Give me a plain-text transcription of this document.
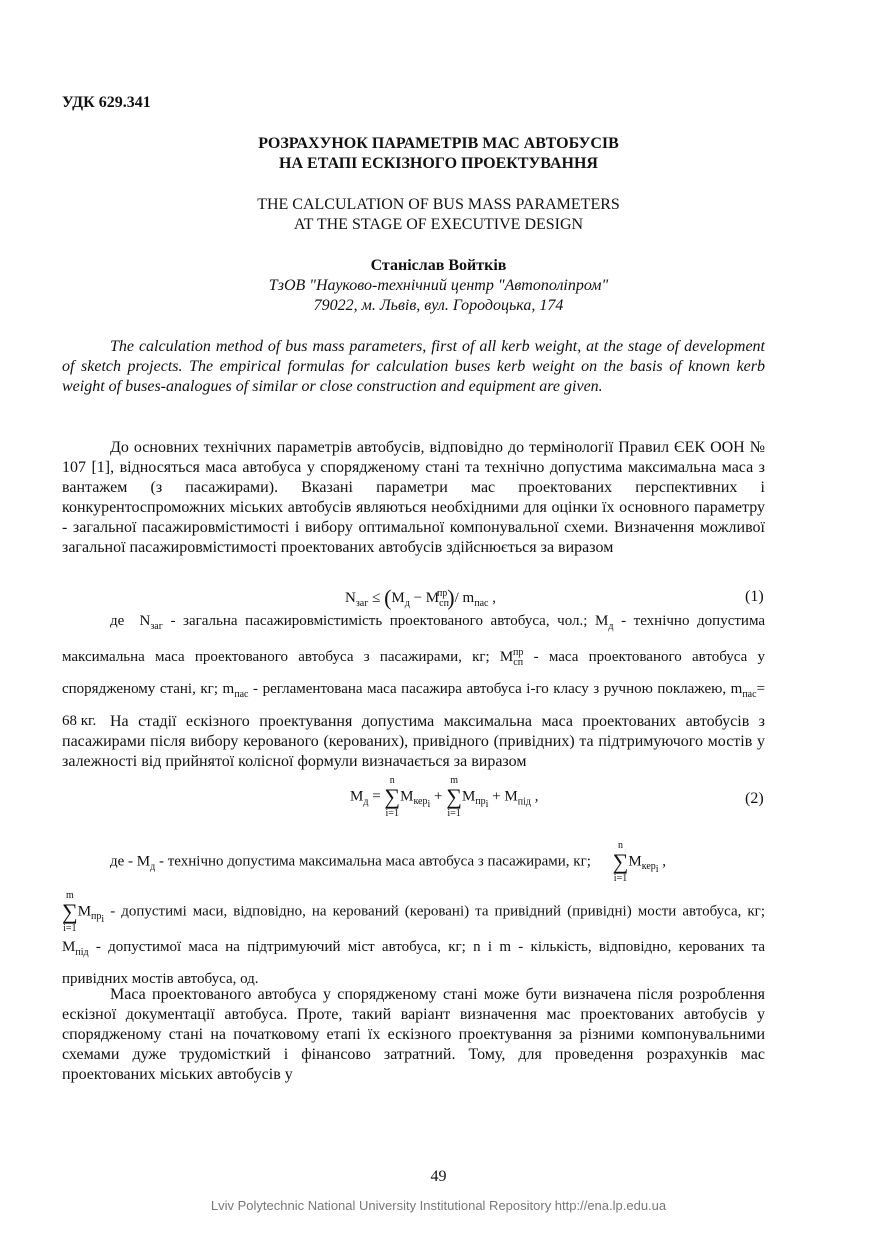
УДК 629.341
РОЗРАХУНОК ПАРАМЕТРІВ МАС АВТОБУСІВ
НА ЕТАПІ ЕСКІЗНОГО ПРОЕКТУВАННЯ
THE CALCULATION OF BUS MASS PARAMETERS
AT THE STAGE OF EXECUTIVE DESIGN
Станіслав Войтків
ТзОВ "Науково-технічний центр "Автополіпром"
79022, м. Львів, вул. Городоцька, 174
The calculation method of bus mass parameters, first of all kerb weight, at the stage of development of sketch projects. The empirical formulas for calculation buses kerb weight on the basis of known kerb weight of buses-analogues of similar or close construction and equipment are given.
До основних технічних параметрів автобусів, відповідно до термінології Правил ЄЕК ООН № 107 [1], відносяться маса автобуса у спорядженому стані та технічно допустима максимальна маса з вантажем (з пасажирами). Вказані параметри мас проектованих перспективних і конкурентоспроможних міських автобусів являються необхідними для оцінки їх основного параметру - загальної пасажировмістимості і вибору оптимальної компонувальної схеми. Визначення можливої загальної пасажировмістимості проектованих автобусів здійснюється за виразом
$N_{заг} \le (M_д - M_{сп}^{пр})/$ $m_{пас}$ ,	(1)
де  $N_{заг}$ - загальна пасажировмістимість проектованого автобуса, чол.; $M_д$ - технічно допустима максимальна маса проектованого автобуса з пасажирами, кг; $M_{сп}^{пр}$ - маса проектованого автобуса у спорядженому стані, кг; $m_{пас}$ - регламентована маса пасажира автобуса і-го класу з ручною поклажею, $m_{пас}= 68$ кг. На стадії ескізного проектування допустима максимальна маса проектованих автобусів з пасажирами після вибору керованого (керованих), привідного (привідних) та підтримуючого мостів у залежності від прийнятої колісної формули визначається за виразом
$M_д$ =
n
∑
i=1
$M_{кер_i}$ +
m
∑
i=1
$M_{пр_i} + M_{під}$ ,	(2)
де - $M_д$ - технічно допустима максимальна маса автобуса з пасажирами, кг;
n
∑
i=1
$M_{кер_i}$ ,
m
∑
i=1
$M_{пр_i}$ - допустимі маси, відповідно, на керований (керовані) та привідний (привідні) мости автобуса, кг; $M_{під}$ - допустимої маса на підтримуючий міст автобуса, кг; n і m - кількість, відповідно, керованих та привідних мостів автобуса, од.
Маса проектованого автобуса у спорядженому стані може бути визначена після розроблення ескізної документації автобуса. Проте, такий варіант визначення мас проектованих автобусів у спорядженому стані на початковому етапі їх ескізного проектування за різними компонувальними схемами дуже трудомісткий і фінансово затратний. Тому, для проведення розрахунків мас проектованих міських автобусів у
49
Lviv Polytechnic National University Institutional Repository http://ena.lp.edu.ua
